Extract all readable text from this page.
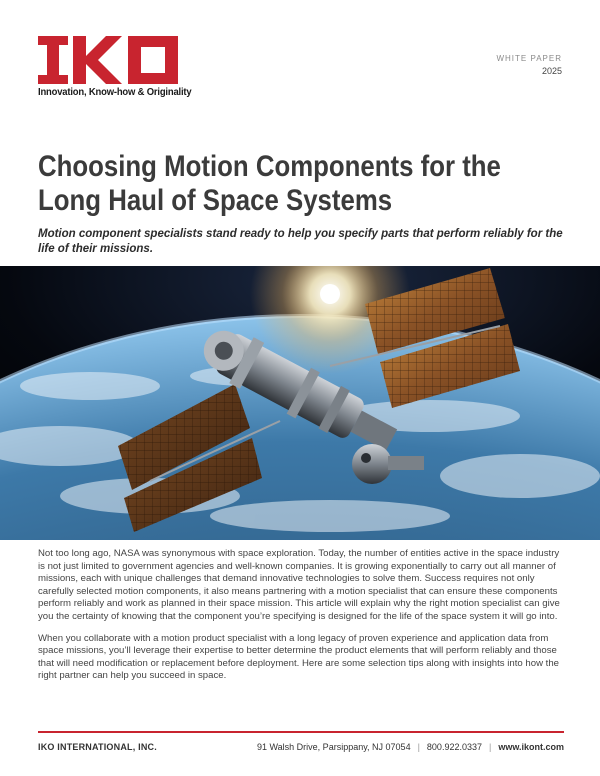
Innovation, Know-how & Originality
WHITE PAPER
2025
Choosing Motion Components for the
Long Haul of Space Systems

Motion component specialists stand ready to help you specify parts that perform reliably for the life of their missions.

Not too long ago, NASA was synonymous with space exploration. Today, the number of entities active in the space industry is not just limited to government agencies and well-known companies. It is growing exponentially to carry out all manner of missions, each with unique challenges that demand innovative technologies to solve them. Success requires not only carefully selected motion components, it also means partnering with a motion specialist that can ensure these components perform reliably and work as planned in their space mission. This article will explain why the right motion specialist can give you the certainty of knowing that the component you’re specifying is designed for the life of the space system it will go into.

When you collaborate with a motion product specialist with a long legacy of proven experience and application data from space missions, you’ll leverage their expertise to better determine the product elements that will perform reliably and those that will need modification or replacement before deployment. Here are some selection tips along with insights into how the right partner can help you succeed in space.

IKO INTERNATIONAL, INC.	91 Walsh Drive, Parsippany, NJ 07054 | 800.922.0337 | www.ikont.com
